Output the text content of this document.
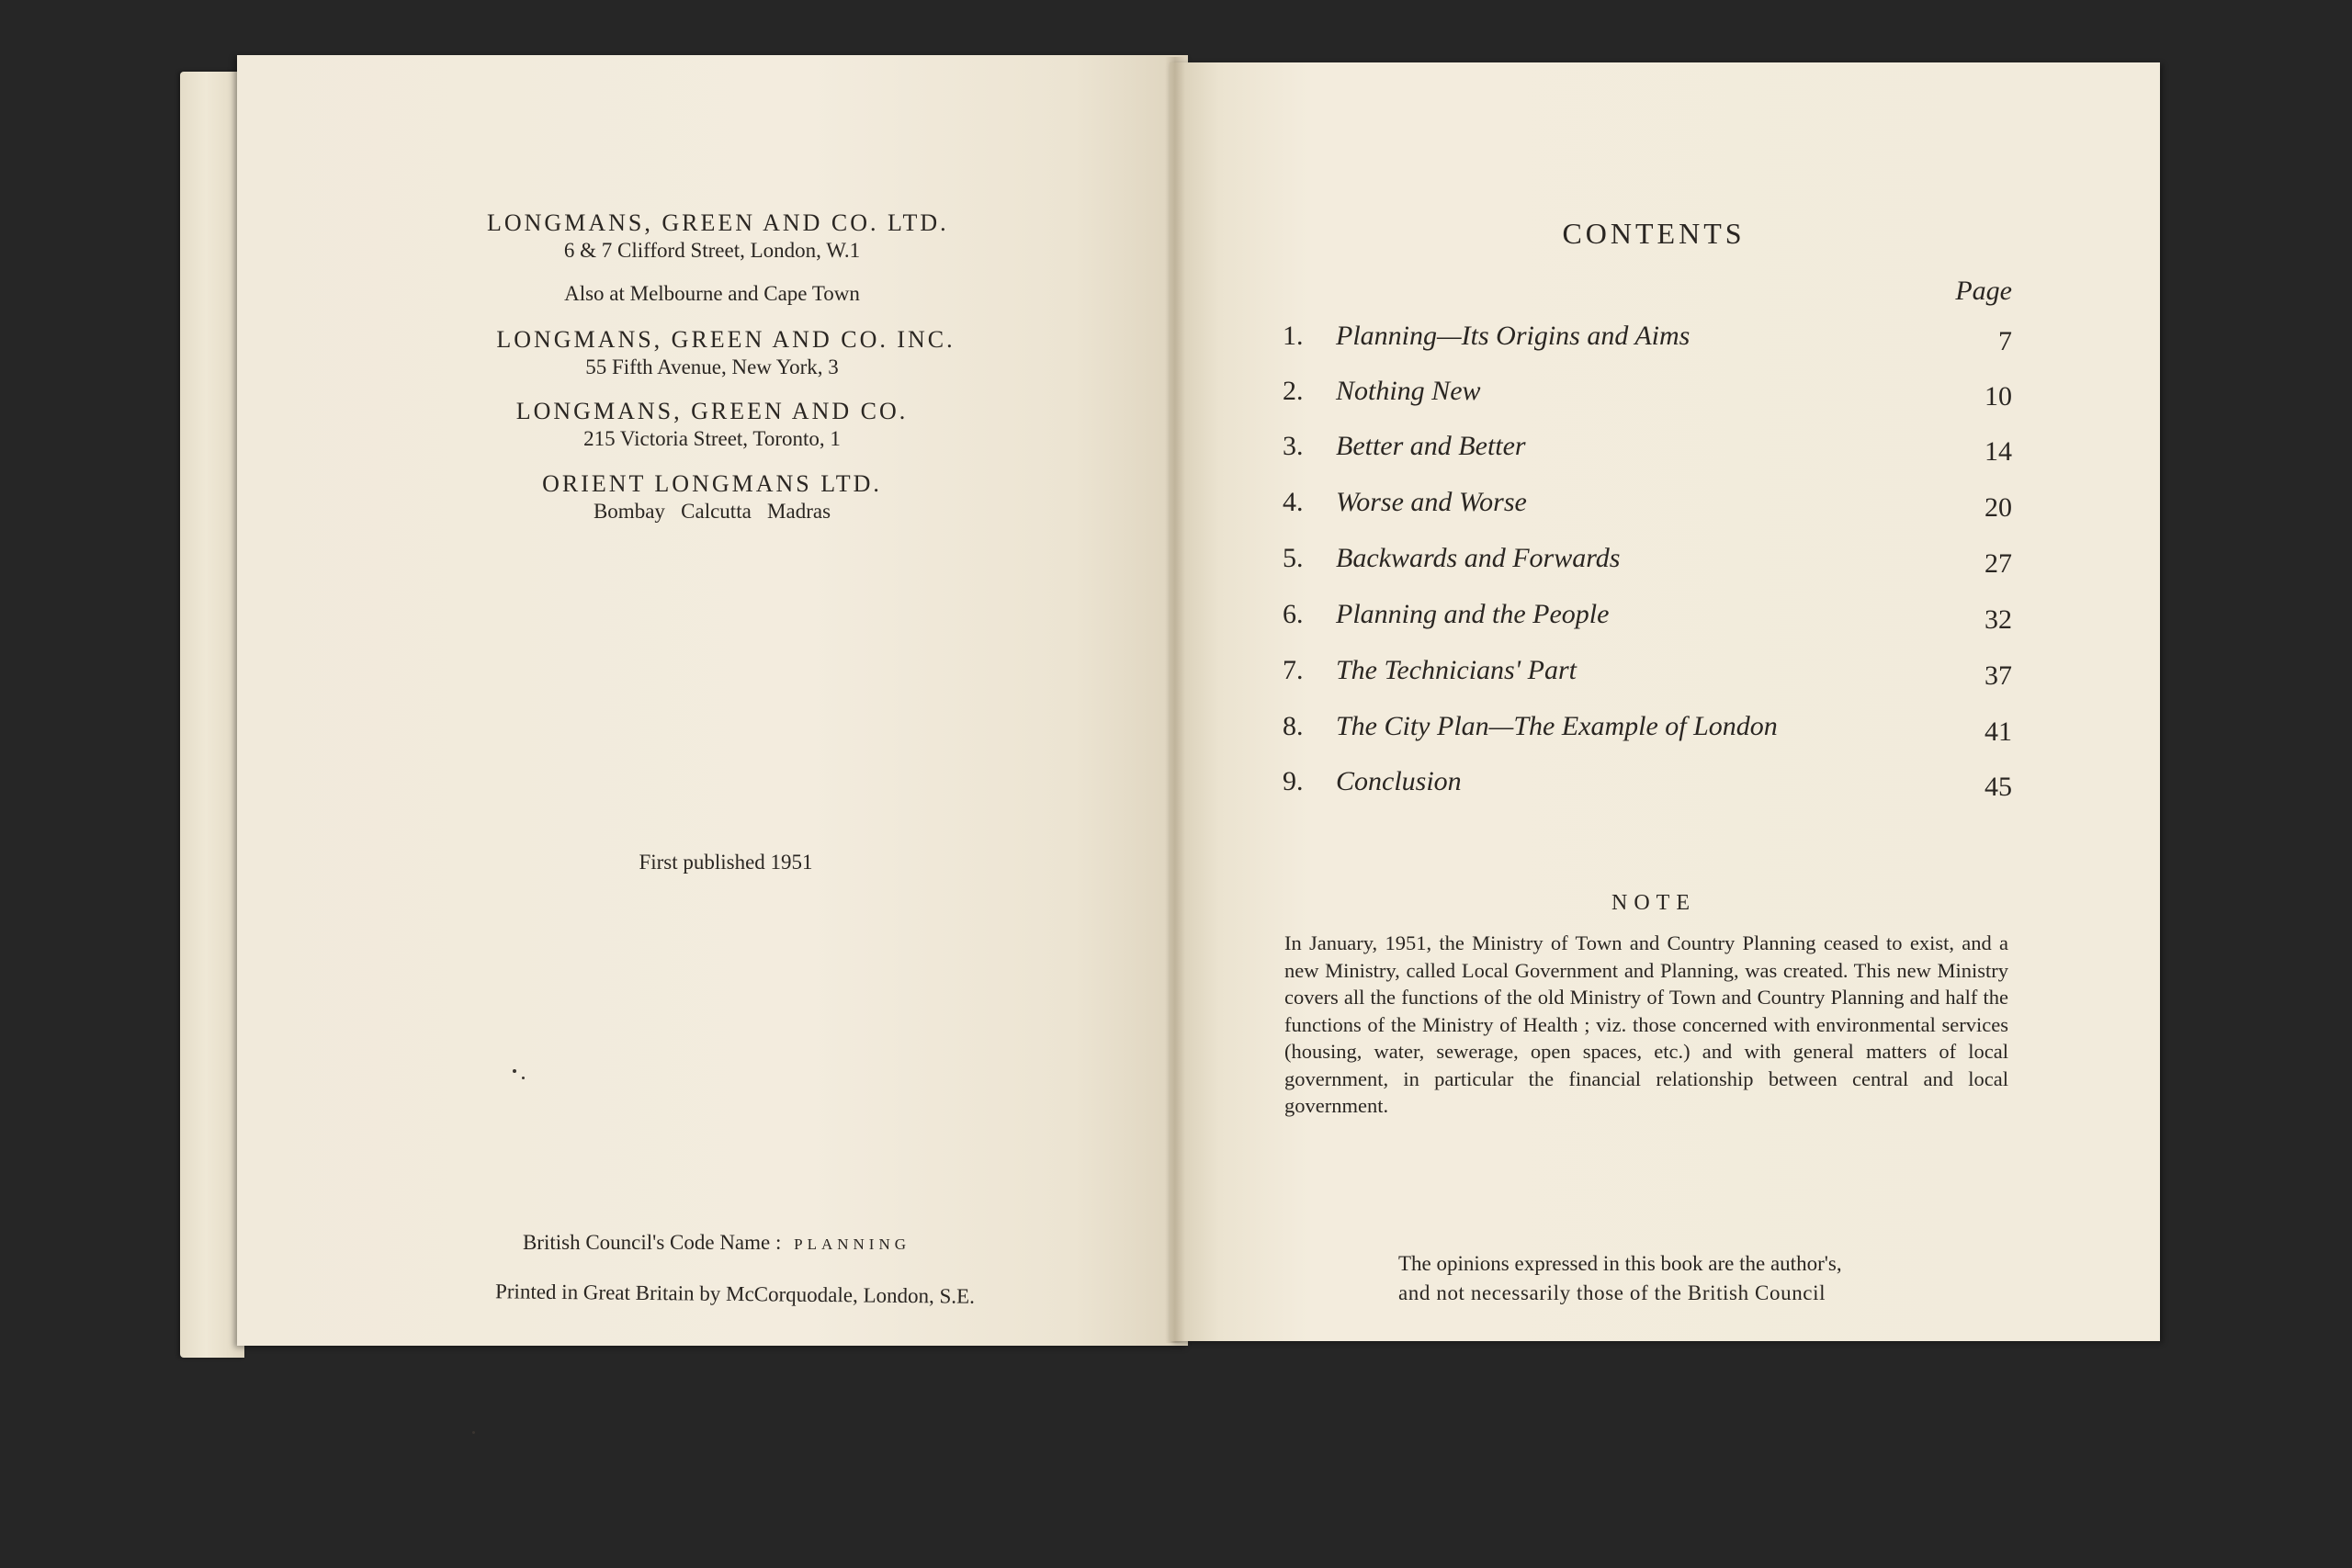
LONGMANS, GREEN AND CO. LTD.
6 & 7 Clifford Street, London, W.1
Also at Melbourne and Cape Town
LONGMANS, GREEN AND CO. INC.
55 Fifth Avenue, New York, 3
LONGMANS, GREEN AND CO.
215 Victoria Street, Toronto, 1
ORIENT LONGMANS LTD.
Bombay   Calcutta   Madras
First published 1951
British Council's Code Name : PLANNING
Printed in Great Britain by McCorquodale, London, S.E.
CONTENTS
Page
1. Planning—Its Origins and Aims	7
2. Nothing New	10
3. Better and Better	14
4. Worse and Worse	20
5. Backwards and Forwards	27
6. Planning and the People	32
7. The Technicians' Part	37
8. The City Plan—The Example of London	41
9. Conclusion	45
NOTE
In January, 1951, the Ministry of Town and Country Planning ceased to exist, and a new Ministry, called Local Government and Planning, was created. This new Ministry covers all the functions of the old Ministry of Town and Country Planning and half the functions of the Ministry of Health ; viz. those concerned with environmental services (housing, water, sewerage, open spaces, etc.) and with general matters of local government, in particular the financial relationship between central and local government.
The opinions expressed in this book are the author's,
and not necessarily those of the British Council
